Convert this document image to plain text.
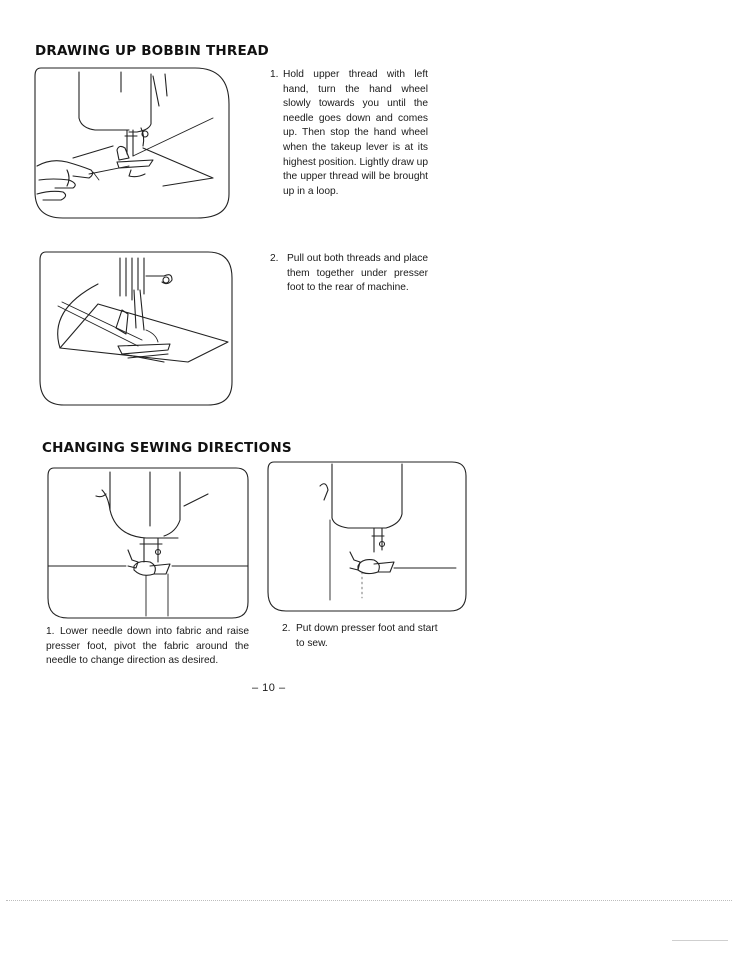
DRAWING UP BOBBIN THREAD
1. Hold upper thread with left hand, turn the hand wheel slowly towards you until the needle goes down and comes up. Then stop the hand wheel when the takeup lever is at its highest position. Lightly draw up the upper thread will be brought up in a loop.
2. Pull out both threads and place them together under presser foot to the rear of machine.
CHANGING SEWING DIRECTIONS
1. Lower needle down into fabric and raise presser foot, pivot the fabric around the needle to change direction as desired.
2. Put down presser foot and start to sew.
– 10 –
